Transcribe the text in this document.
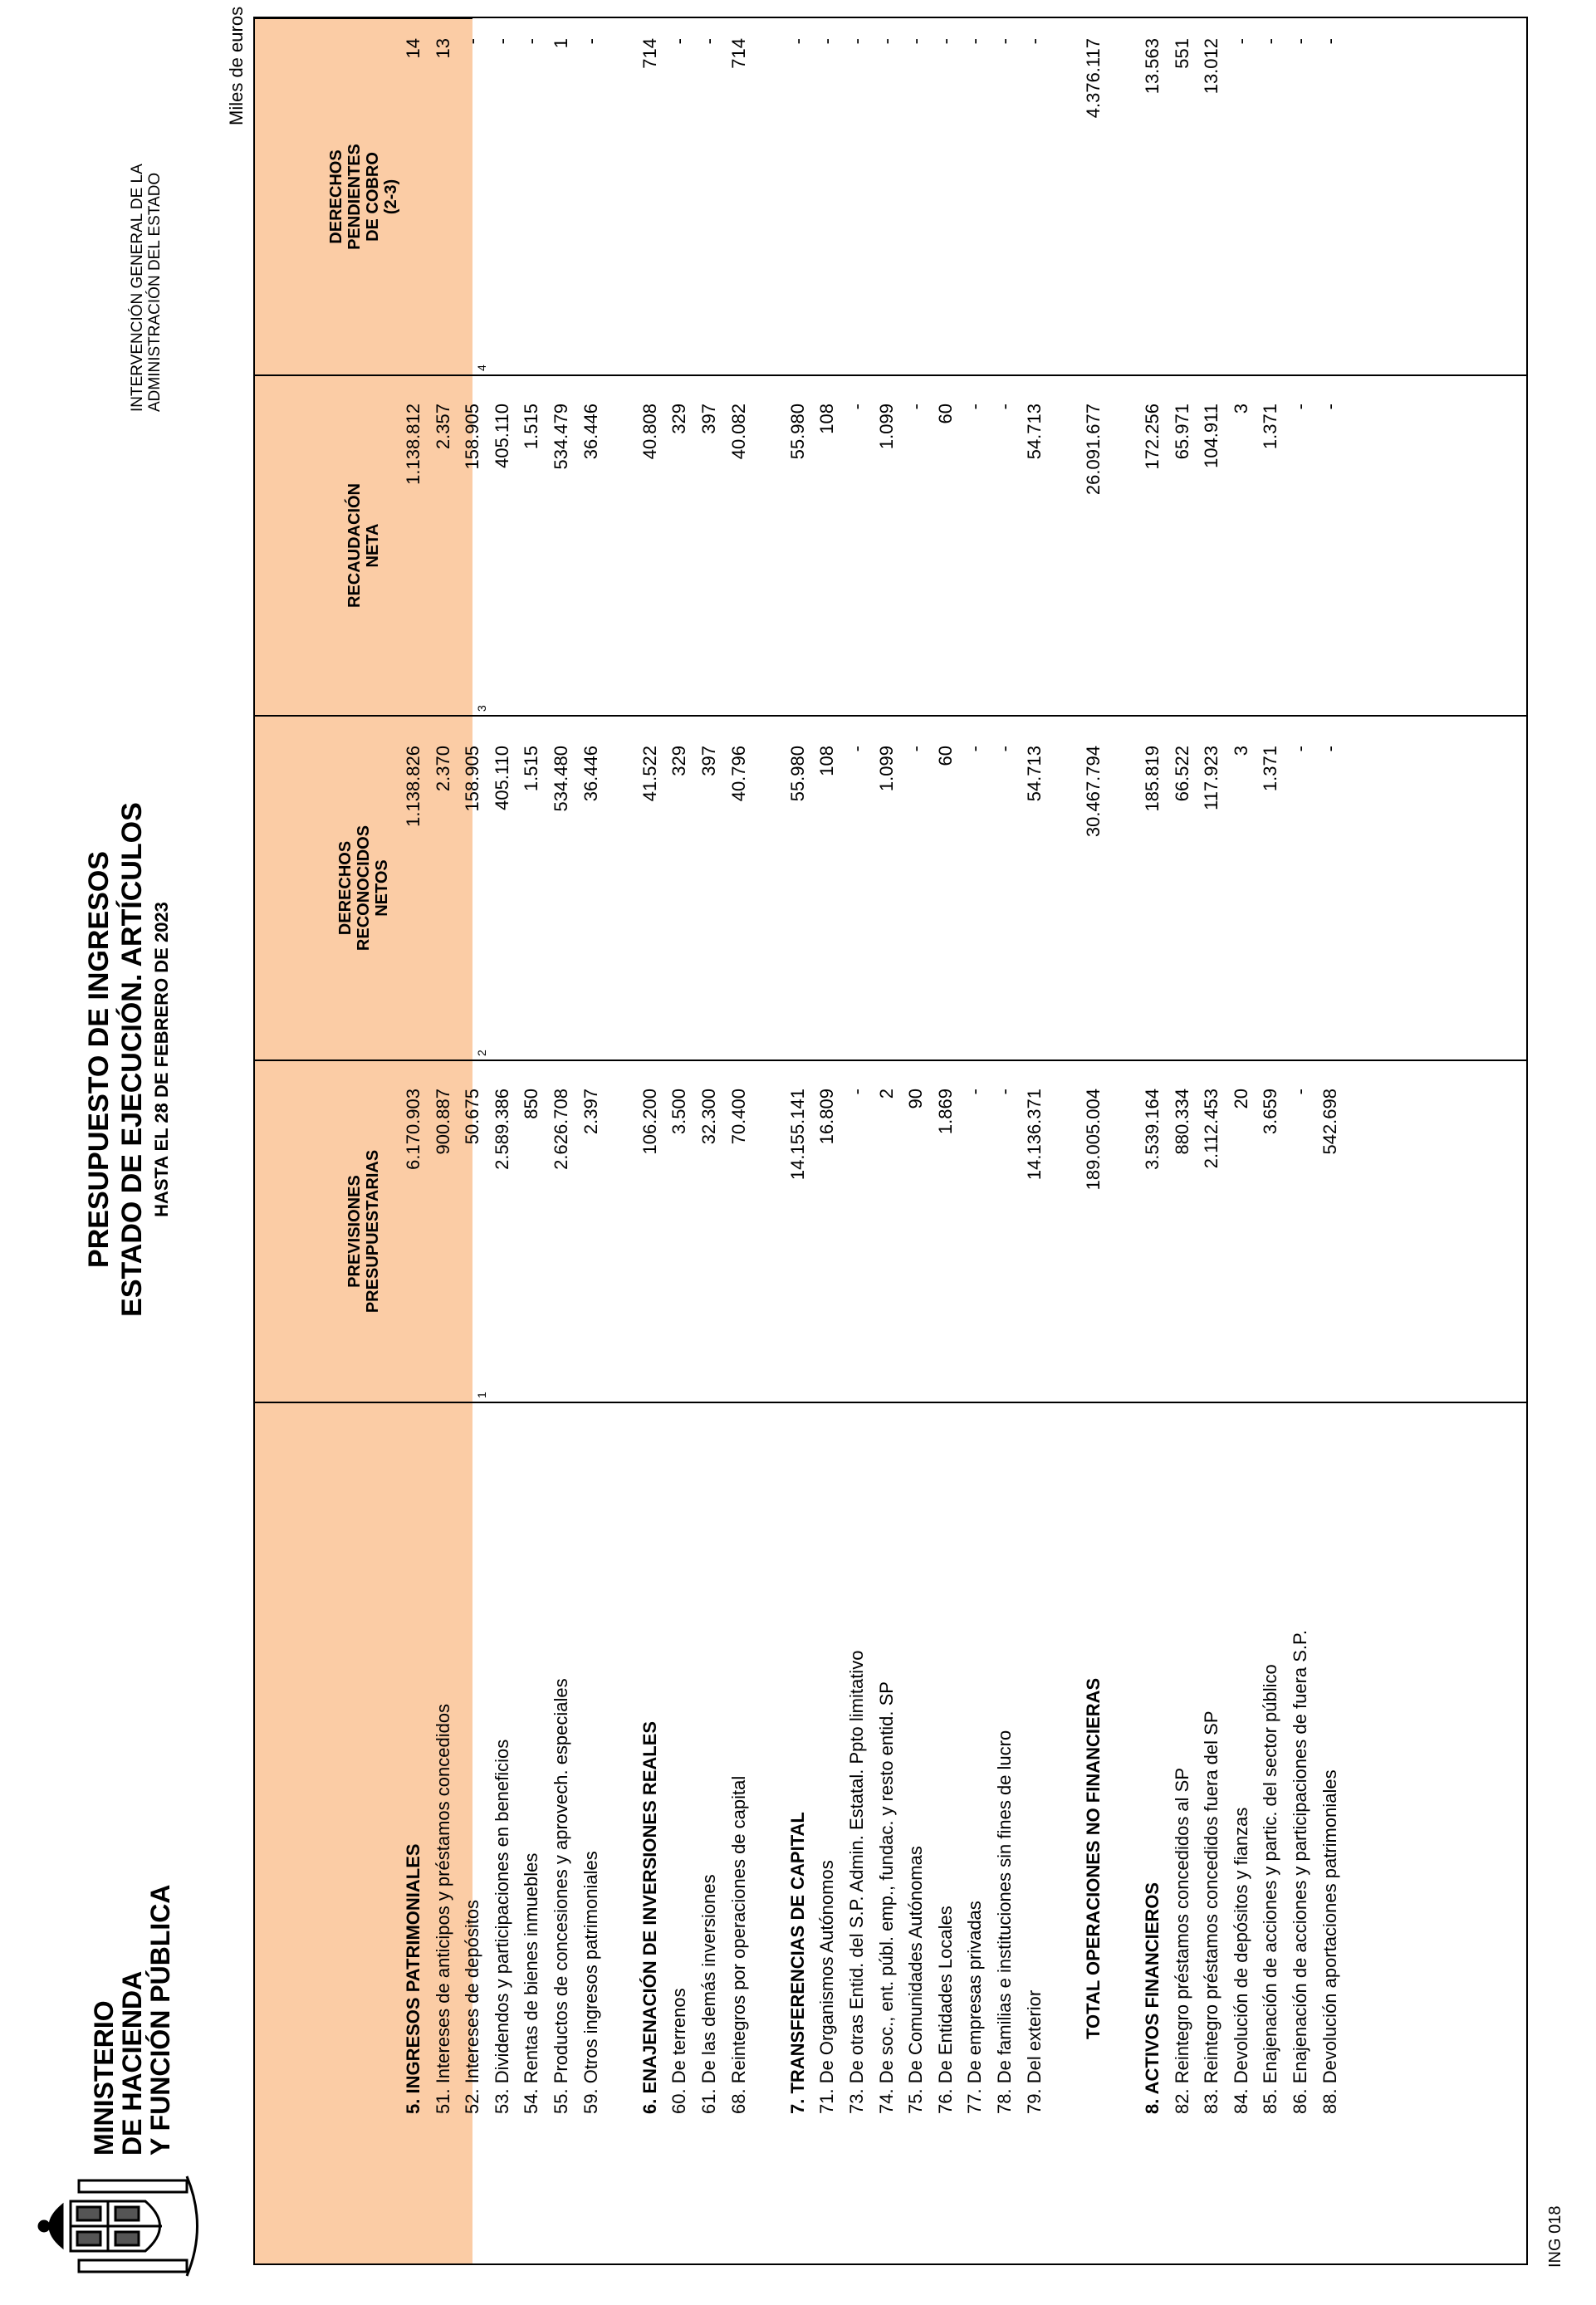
MINISTERIO
DE HACIENDA
Y FUNCIÓN PÚBLICA
PRESUPUESTO DE INGRESOS ESTADO DE EJECUCIÓN. ARTÍCULOS HASTA EL 28 DE FEBRERO DE 2023
INTERVENCIÓN GENERAL DE LA ADMINISTRACIÓN DEL ESTADO
Miles de euros
PREVISIONES
PRESUPUESTARIAS
DERECHOS
RECONOCIDOS
NETOS
RECAUDACIÓN
NETA
DERECHOS
PENDIENTES
DE COBRO
(2-3)
1
2
3
4
5. INGRESOS PATRIMONIALES
6.170.903
1.138.826
1.138.812
14
51. Intereses de anticipos y préstamos concedidos
900.887
2.370
2.357
13
52. Intereses de depósitos
50.675
158.905
158.905
-
53. Dividendos y participaciones en beneficios
2.589.386
405.110
405.110
-
54. Rentas de bienes inmuebles
850
1.515
1.515
-
55. Productos de concesiones y aprovech. especiales
2.626.708
534.480
534.479
1
59. Otros ingresos patrimoniales
2.397
36.446
36.446
-
6. ENAJENACIÓN DE INVERSIONES REALES
106.200
41.522
40.808
714
60. De terrenos
3.500
329
329
-
61. De las demás inversiones
32.300
397
397
-
68. Reintegros por operaciones de capital
70.400
40.796
40.082
714
7. TRANSFERENCIAS DE CAPITAL
14.155.141
55.980
55.980
-
71. De Organismos Autónomos
16.809
108
108
-
73. De otras Entid. del S.P. Admin. Estatal. Ppto limitativo
-
-
-
-
74. De soc., ent. públ. emp., fundac. y resto entid. SP
2
1.099
1.099
-
75. De Comunidades Autónomas
90
-
-
-
76. De Entidades Locales
1.869
60
60
-
77. De empresas privadas
-
-
-
-
78. De familias e instituciones sin fines de lucro
-
-
-
-
79. Del exterior
14.136.371
54.713
54.713
-
TOTAL OPERACIONES NO FINANCIERAS
189.005.004
30.467.794
26.091.677
4.376.117
8. ACTIVOS FINANCIEROS
3.539.164
185.819
172.256
13.563
82. Reintegro préstamos concedidos al SP
880.334
66.522
65.971
551
83. Reintegro préstamos concedidos fuera del SP
2.112.453
117.923
104.911
13.012
84. Devolución de depósitos y fianzas
20
3
3
-
85. Enajenación de acciones y partic. del sector público
3.659
1.371
1.371
-
86. Enajenación de acciones y participaciones de fuera S.P.
-
-
-
-
88. Devolución aportaciones patrimoniales
542.698
-
-
-
ING 018
